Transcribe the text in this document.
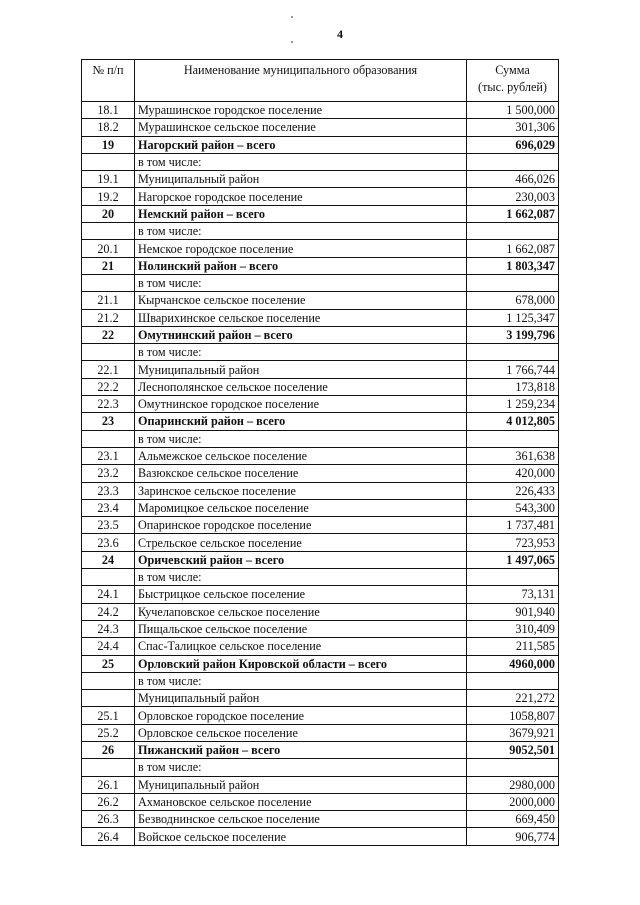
4
№ п/п	Наименование муниципального образования	Сумма
(тыс. рублей)

18.1	Мурашинское городское поселение	1 500,000
18.2	Мурашинское сельское поселение	301,306
19	Нагорский район – всего	696,029
	в том числе:	
19.1	Муниципальный район	466,026
19.2	Нагорское городское поселение	230,003
20	Немский район – всего	1 662,087
	в том числе:	
20.1	Немское городское поселение	1 662,087
21	Нолинский район – всего	1 803,347
	в том числе:	
21.1	Кырчанское сельское поселение	678,000
21.2	Шварихинское сельское поселение	1 125,347
22	Омутнинский район – всего	3 199,796
	в том числе:	
22.1	Муниципальный район	1 766,744
22.2	Леснополянское сельское поселение	173,818
22.3	Омутнинское городское поселение	1 259,234
23	Опаринский район – всего	4 012,805
	в том числе:	
23.1	Альмежское сельское поселение	361,638
23.2	Вазюкское сельское поселение	420,000
23.3	Заринское сельское поселение	226,433
23.4	Маромицкое сельское поселение	543,300
23.5	Опаринское городское поселение	1 737,481
23.6	Стрельское сельское поселение	723,953
24	Оричевский район – всего	1 497,065
	в том числе:	
24.1	Быстрицкое сельское поселение	73,131
24.2	Кучелаповское сельское поселение	901,940
24.3	Пищальское сельское поселение	310,409
24.4	Спас-Талицкое сельское поселение	211,585
25	Орловский район Кировской области – всего	4960,000
	в том числе:	
	Муниципальный район	221,272
25.1	Орловское городское поселение	1058,807
25.2	Орловское сельское поселение	3679,921
26	Пижанский район – всего	9052,501
	в том числе:	
26.1	Муниципальный район	2980,000
26.2	Ахмановское сельское поселение	2000,000
26.3	Безводнинское сельское поселение	669,450
26.4	Войское сельское поселение	906,774
